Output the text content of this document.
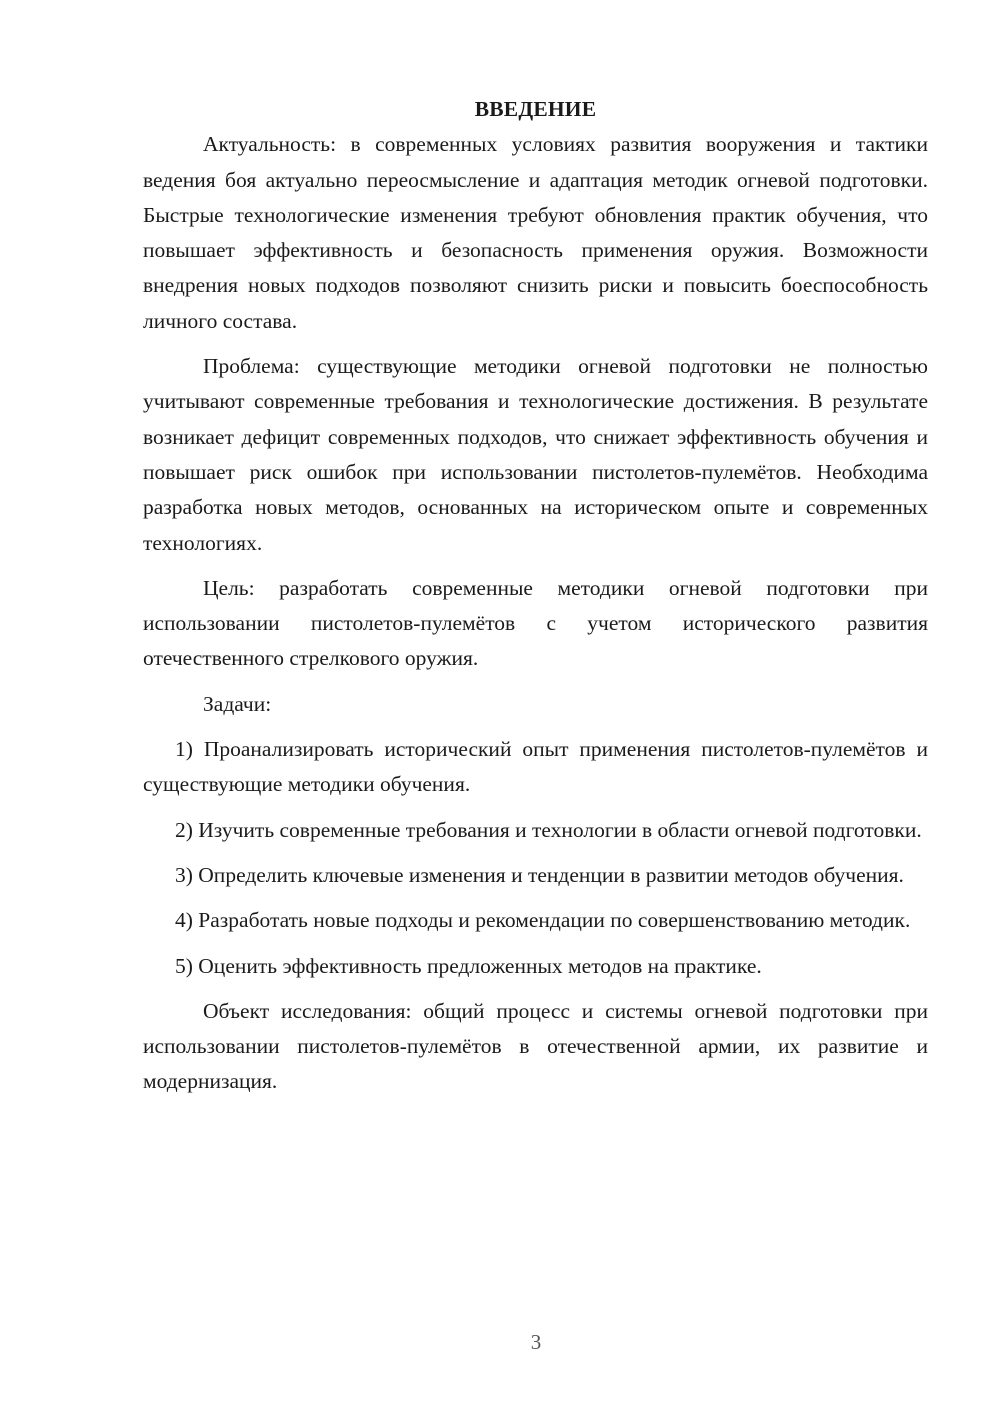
ВВЕДЕНИЕ

Актуальность: в современных условиях развития вооружения и тактики ведения боя актуально переосмысление и адаптация методик огневой подготовки. Быстрые технологические изменения требуют обновления практик обучения, что повышает эффективность и безопасность применения оружия. Возможности внедрения новых подходов позволяют снизить риски и повысить боеспособность личного состава.

Проблема: существующие методики огневой подготовки не полностью учитывают современные требования и технологические достижения. В результате возникает дефицит современных подходов, что снижает эффективность обучения и повышает риск ошибок при использовании пистолетов-пулемётов. Необходима разработка новых методов, основанных на историческом опыте и современных технологиях.

Цель: разработать современные методики огневой подготовки при использовании пистолетов-пулемётов с учетом исторического развития отечественного стрелкового оружия.

Задачи:

1) Проанализировать исторический опыт применения пистолетов-пулемётов и существующие методики обучения.

2) Изучить современные требования и технологии в области огневой подготовки.

3) Определить ключевые изменения и тенденции в развитии методов обучения.

4) Разработать новые подходы и рекомендации по совершенствованию методик.

5) Оценить эффективность предложенных методов на практике.

Объект исследования: общий процесс и системы огневой подготовки при использовании пистолетов-пулемётов в отечественной армии, их развитие и модернизация.

3
